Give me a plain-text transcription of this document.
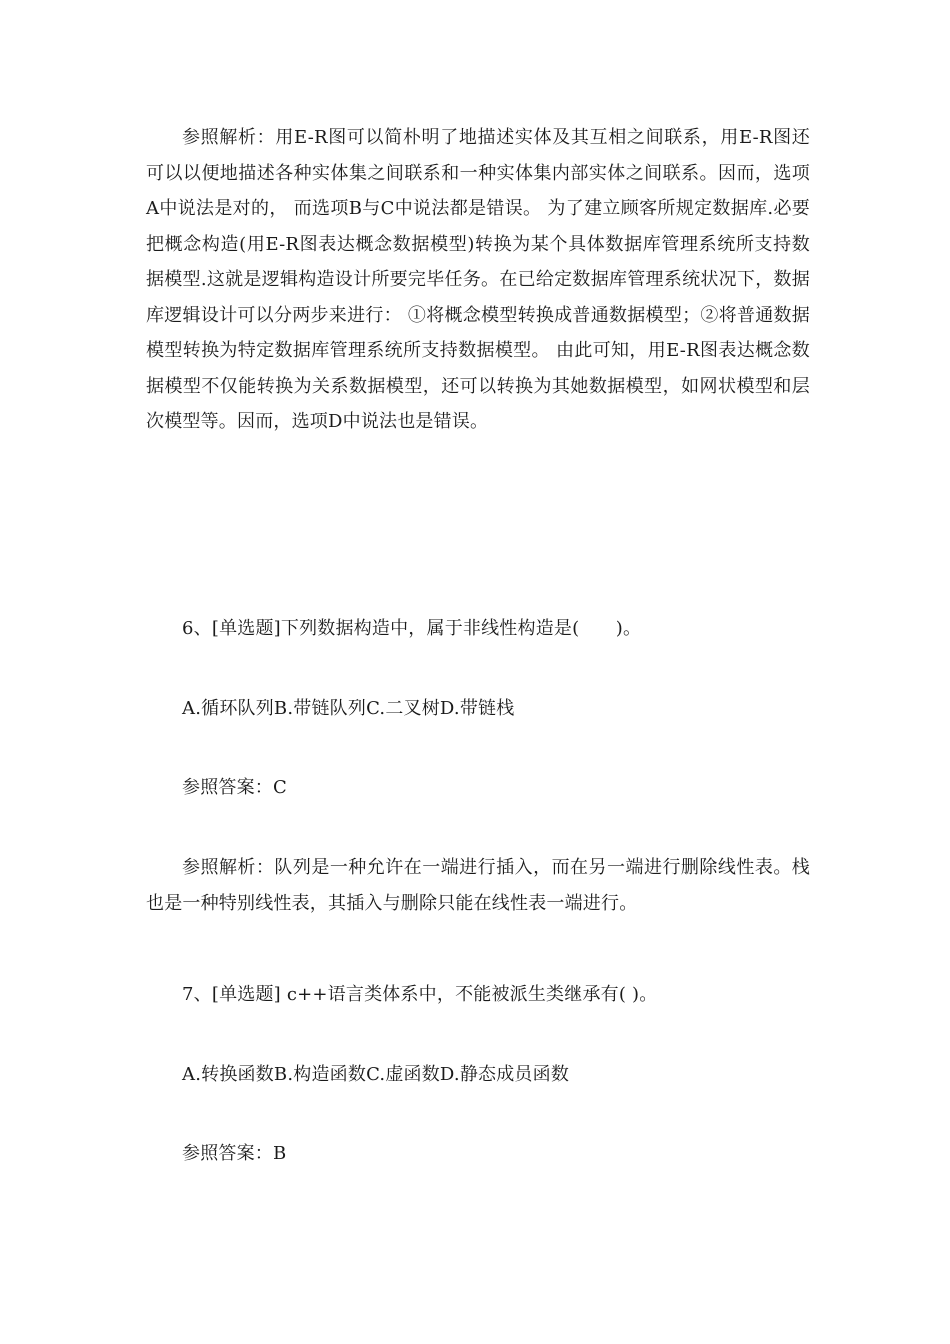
参照解析：用E-R图可以简朴明了地描述实体及其互相之间联系，用E-R图还可以以便地描述各种实体集之间联系和一种实体集内部实体之间联系。因而，选项A中说法是对的， 而选项B与C中说法都是错误。 为了建立顾客所规定数据库.必要把概念构造(用E-R图表达概念数据模型)转换为某个具体数据库管理系统所支持数据模型.这就是逻辑构造设计所要完毕任务。在已给定数据库管理系统状况下，数据库逻辑设计可以分两步来进行： ①将概念模型转换成普通数据模型；②将普通数据模型转换为特定数据库管理系统所支持数据模型。 由此可知，用E-R图表达概念数据模型不仅能转换为关系数据模型，还可以转换为其她数据模型，如网状模型和层次模型等。因而，选项D中说法也是错误。

6、[单选题]下列数据构造中，属于非线性构造是(　　)。

A.循环队列B.带链队列C.二叉树D.带链栈

参照答案：C

参照解析：队列是一种允许在一端进行插入，而在另一端进行删除线性表。栈也是一种特别线性表，其插入与删除只能在线性表一端进行。

7、[单选题] c++语言类体系中，不能被派生类继承有( )。

A.转换函数B.构造函数C.虚函数D.静态成员函数

参照答案：B
